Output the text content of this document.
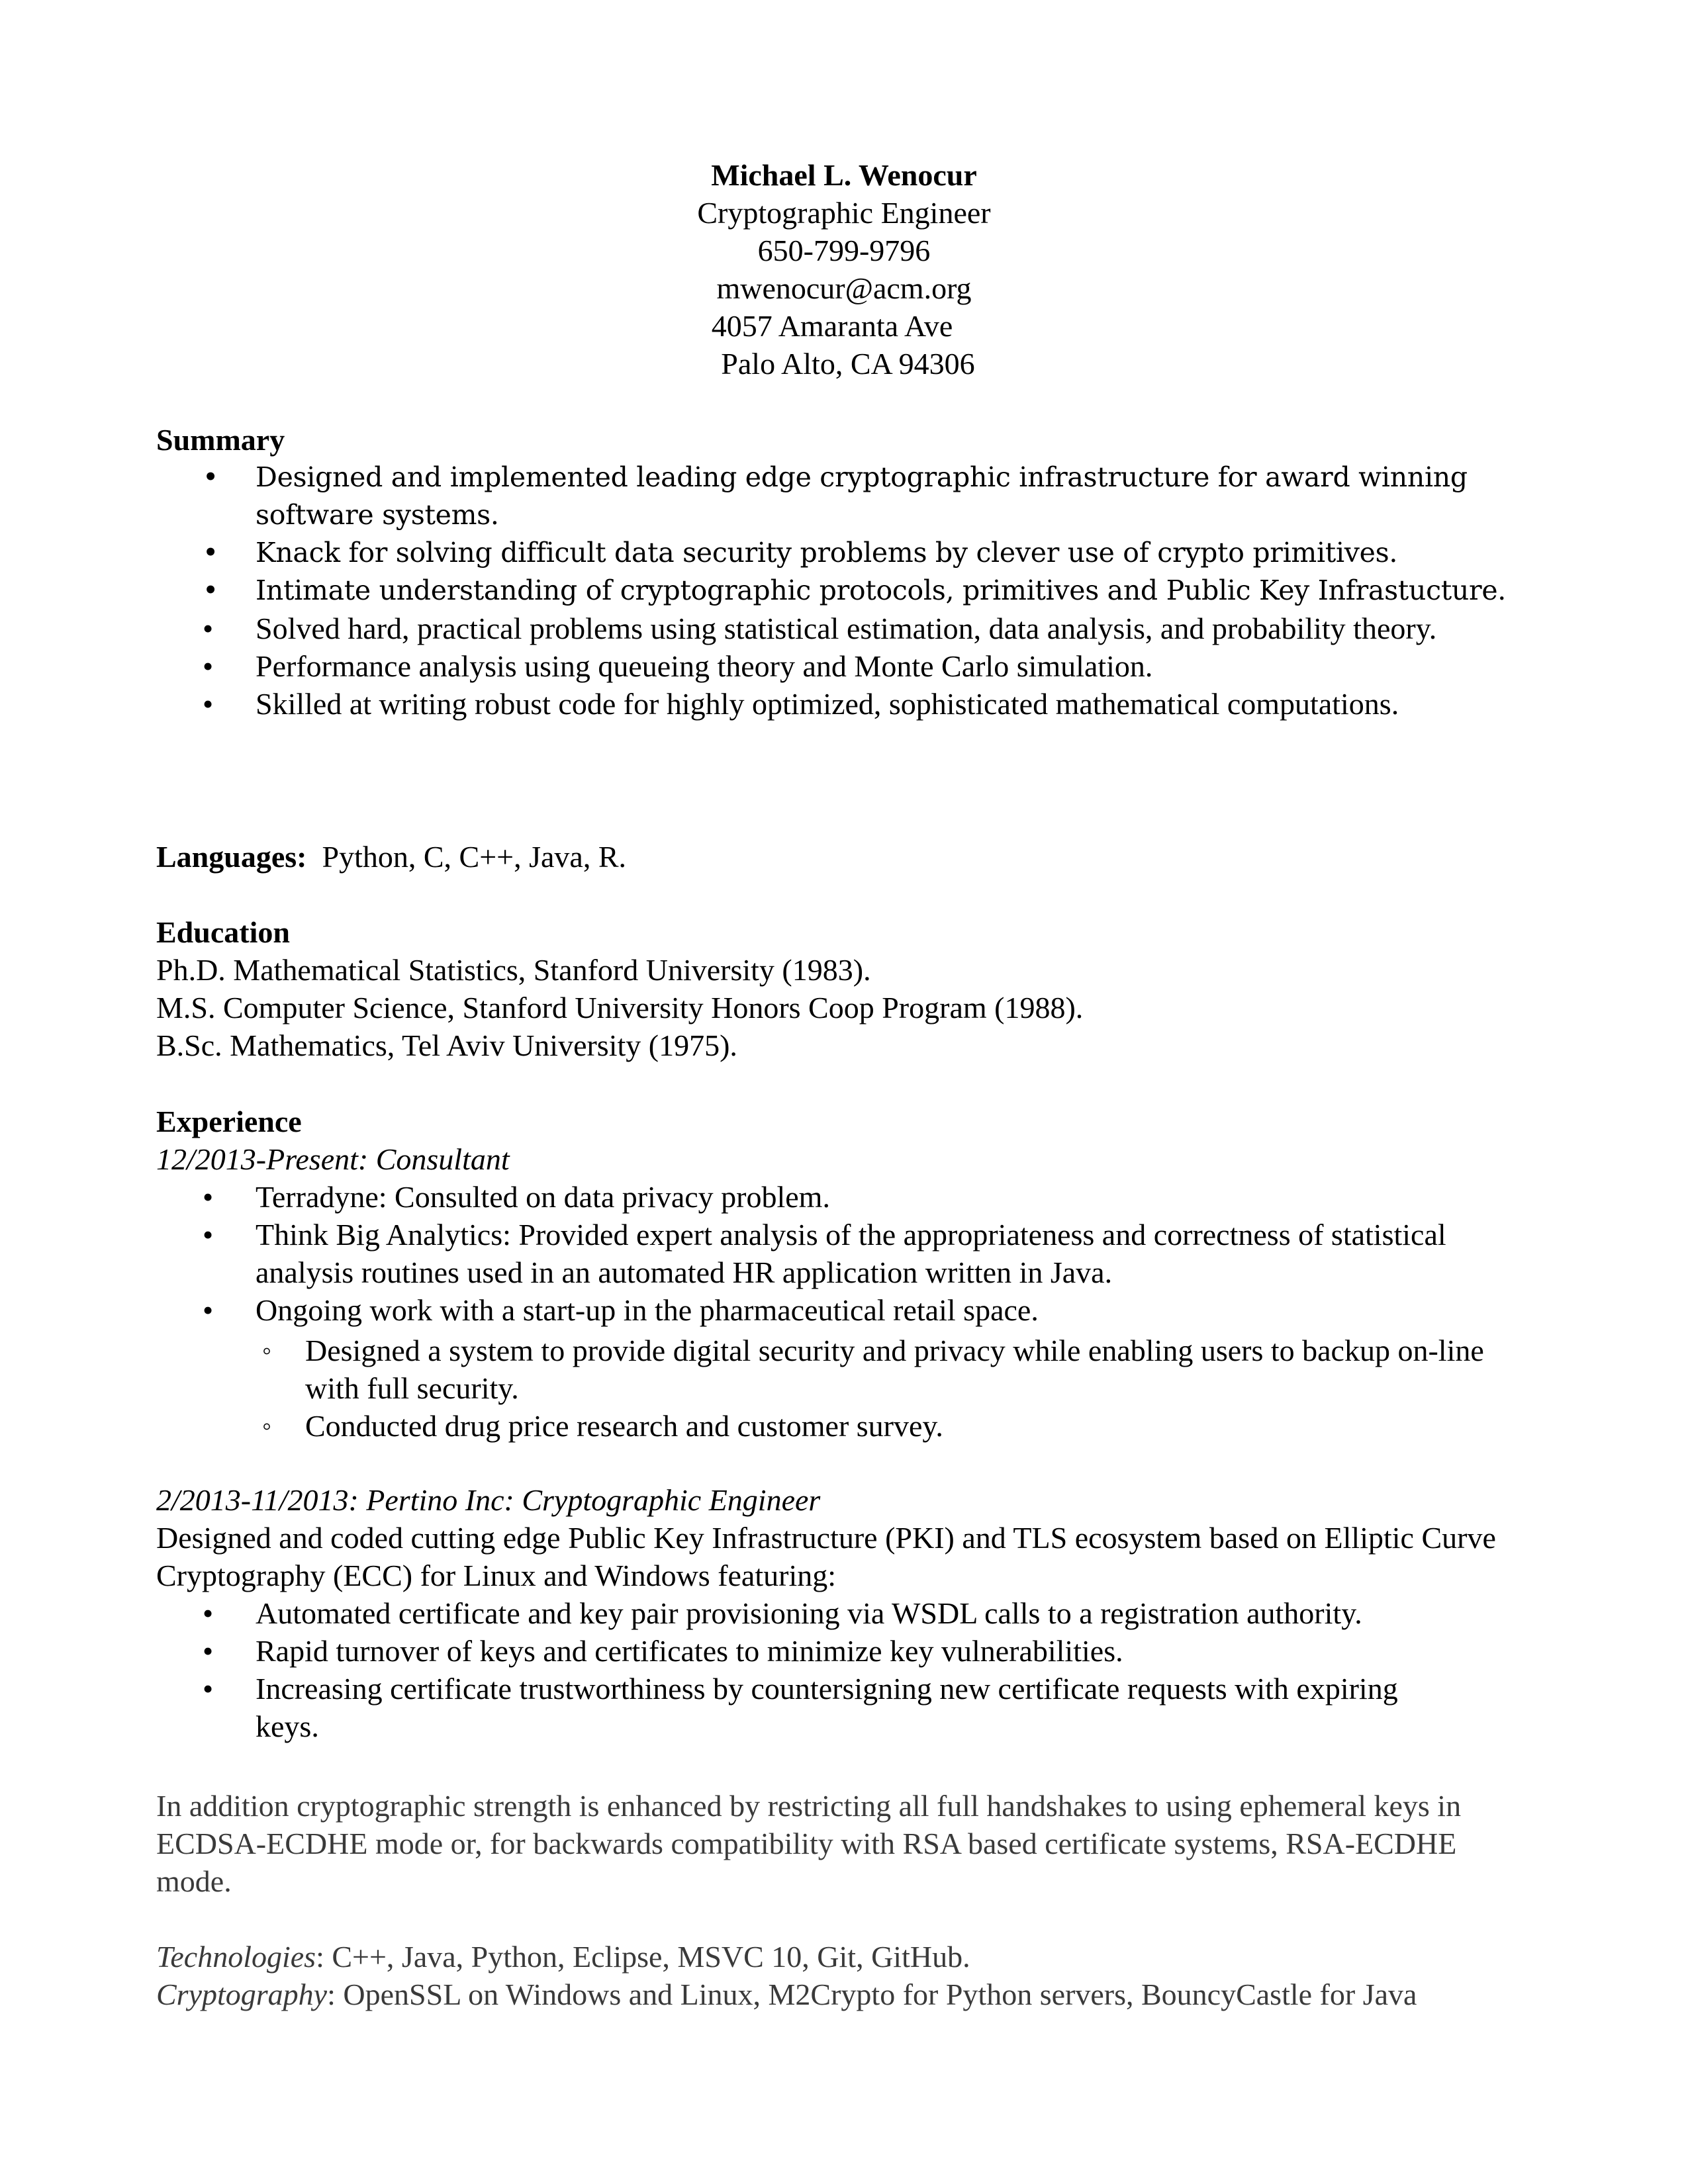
Michael L. Wenocur
Cryptographic Engineer
650-799-9796
mwenocur@acm.org
4057 Amaranta Ave
Palo Alto, CA 94306
Summary
• Designed and implemented leading edge cryptographic infrastructure for award winning software systems.
• Knack for solving difficult data security problems by clever use of crypto primitives.
• Intimate understanding of cryptographic protocols, primitives and Public Key Infrastucture.
• Solved hard, practical problems using statistical estimation, data analysis, and probability theory.
• Performance analysis using queueing theory and Monte Carlo simulation.
• Skilled at writing robust code for highly optimized, sophisticated mathematical computations.
Languages: Python, C, C++, Java, R.
Education
Ph.D. Mathematical Statistics, Stanford University (1983).
M.S. Computer Science, Stanford University Honors Coop Program (1988).
B.Sc. Mathematics, Tel Aviv University (1975).
Experience
12/2013-Present: Consultant
• Terradyne: Consulted on data privacy problem.
• Think Big Analytics: Provided expert analysis of the appropriateness and correctness of statistical analysis routines used in an automated HR application written in Java.
• Ongoing work with a start-up in the pharmaceutical retail space.
◦ Designed a system to provide digital security and privacy while enabling users to backup on-line with full security.
◦ Conducted drug price research and customer survey.
2/2013-11/2013: Pertino Inc: Cryptographic Engineer
Designed and coded cutting edge Public Key Infrastructure (PKI) and TLS ecosystem based on Elliptic Curve Cryptography (ECC) for Linux and Windows featuring:
• Automated certificate and key pair provisioning via WSDL calls to a registration authority.
• Rapid turnover of keys and certificates to minimize key vulnerabilities.
• Increasing certificate trustworthiness by countersigning new certificate requests with expiring keys.
In addition cryptographic strength is enhanced by restricting all full handshakes to using ephemeral keys in ECDSA-ECDHE mode or, for backwards compatibility with RSA based certificate systems, RSA-ECDHE mode.
Technologies: C++, Java, Python, Eclipse, MSVC 10, Git, GitHub.
Cryptography: OpenSSL on Windows and Linux, M2Crypto for Python servers, BouncyCastle for Java
